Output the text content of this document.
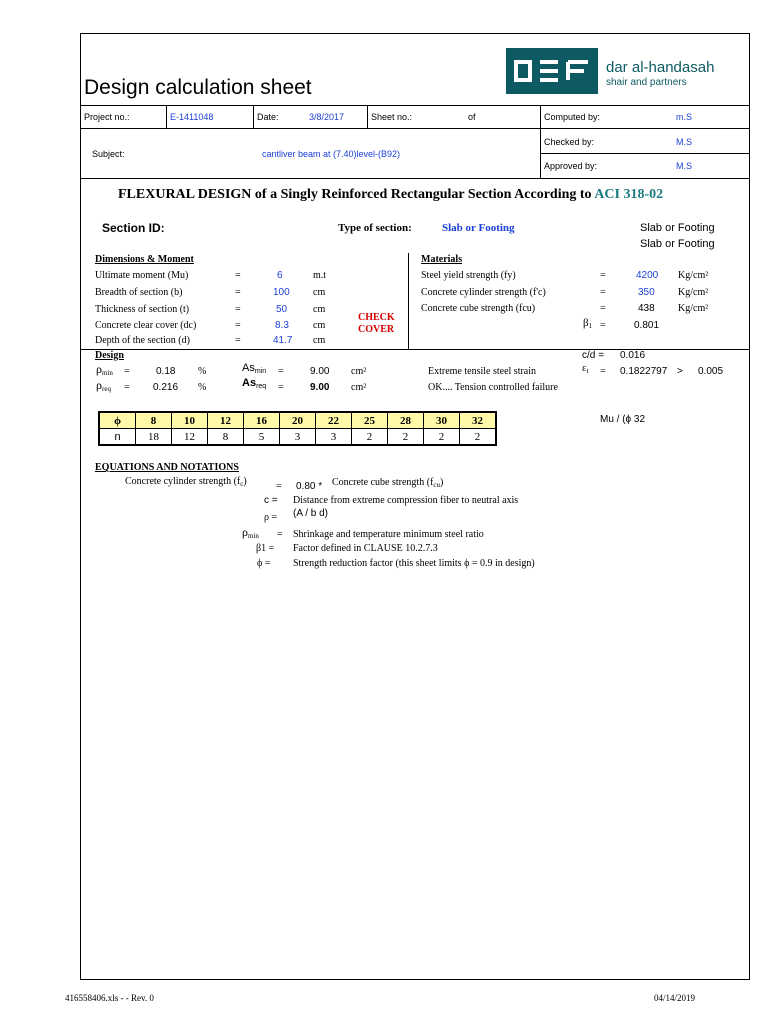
Design calculation sheet
dar al-handasah
shair and partners
Project no.:	E-1411048	Date:	3/8/2017	Sheet no.:	of	Computed by:	m.S
Checked by:	M.S
Approved by:	M.S
Subject:	cantliver beam at (7.40)level-(B92)
FLEXURAL DESIGN of a Singly Reinforced Rectangular Section According to ACI 318-02
Section ID:	Type of section:	Slab or Footing	Slab or Footing
Slab or Footing
Dimensions & Moment	Materials
Ultimate moment (Mu)	=	6	m.t
Breadth of section (b)	=	100 cm
Thickness of section (t)	=	50	cm
Concrete clear cover (dc)	=	8.3 cm
Depth of the section (d)	=	41.7 cm
CHECK
COVER
Steel yield strength (fy)	=	4200 Kg/cm²
Concrete cylinder strength (f'c)	=	350 Kg/cm²
Concrete cube strength (fcu)	=	438 Kg/cm²
$\beta_1$ =	0.801
Design	c/d = 0.016
$\rho_{min}$ =	0.18 %	$As_{min}$ =	9.00 cm²	Extreme tensile steel strain	$\varepsilon_t = 0.1822797 > 0.005$
$\rho_{req} = 0.216$ %	$As_{req}$ =	9.00 cm²	OK.... Tension controlled failure
ϕ	8	10	12	16	20	22	25	28	30	32
n	18	12	8	5	3	3	2	2	2	2
Mu / (ϕ 32
EQUATIONS AND NOTATIONS
Concrete cylinder strength $(f_c)$	= 0.80 * Concrete cube strength $(f_{cu})$
c = Distance from extreme compression fiber to neutral axis
ρ = (A / b d)
$\rho_{min}$ = Shrinkage and temperature minimum steel ratio
β1 = Factor defined in CLAUSE 10.2.7.3
ϕ = Strength reduction factor (this sheet limits ϕ = 0.9 in design)
416558406.xls - - Rev. 0	04/14/2019
